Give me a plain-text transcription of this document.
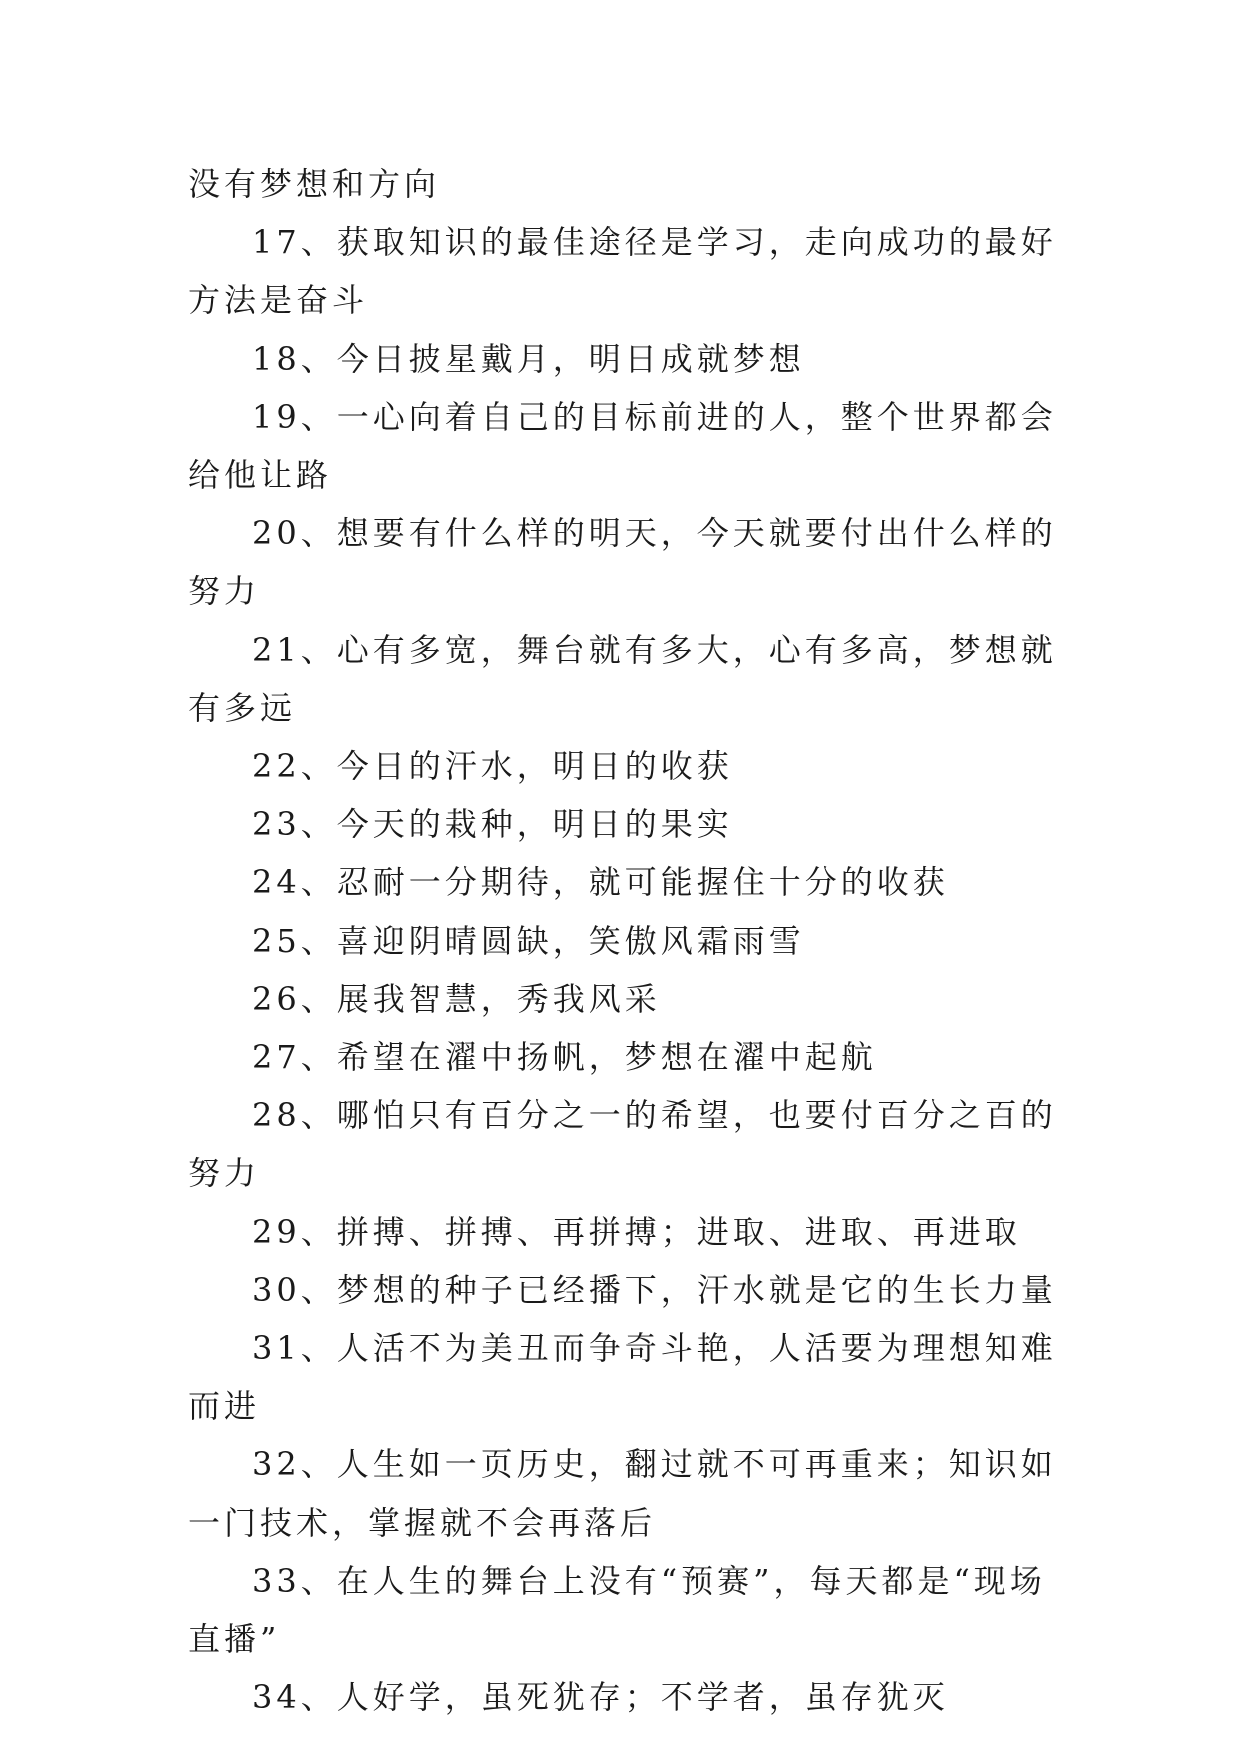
没有梦想和方向

17、获取知识的最佳途径是学习，走向成功的最好方法是奋斗

18、今日披星戴月，明日成就梦想

19、一心向着自己的目标前进的人，整个世界都会给他让路

20、想要有什么样的明天，今天就要付出什么样的努力

21、心有多宽，舞台就有多大，心有多高，梦想就有多远

22、今日的汗水，明日的收获

23、今天的栽种，明日的果实

24、忍耐一分期待，就可能握住十分的收获

25、喜迎阴晴圆缺，笑傲风霜雨雪

26、展我智慧，秀我风采

27、希望在濯中扬帆，梦想在濯中起航

28、哪怕只有百分之一的希望，也要付百分之百的努力

29、拼搏、拼搏、再拼搏；进取、进取、再进取

30、梦想的种子已经播下，汗水就是它的生长力量

31、人活不为美丑而争奇斗艳，人活要为理想知难而进

32、人生如一页历史，翻过就不可再重来；知识如一门技术，掌握就不会再落后

33、在人生的舞台上没有“预赛”，每天都是“现场直播”

34、人好学，虽死犹存；不学者，虽存犹灭
